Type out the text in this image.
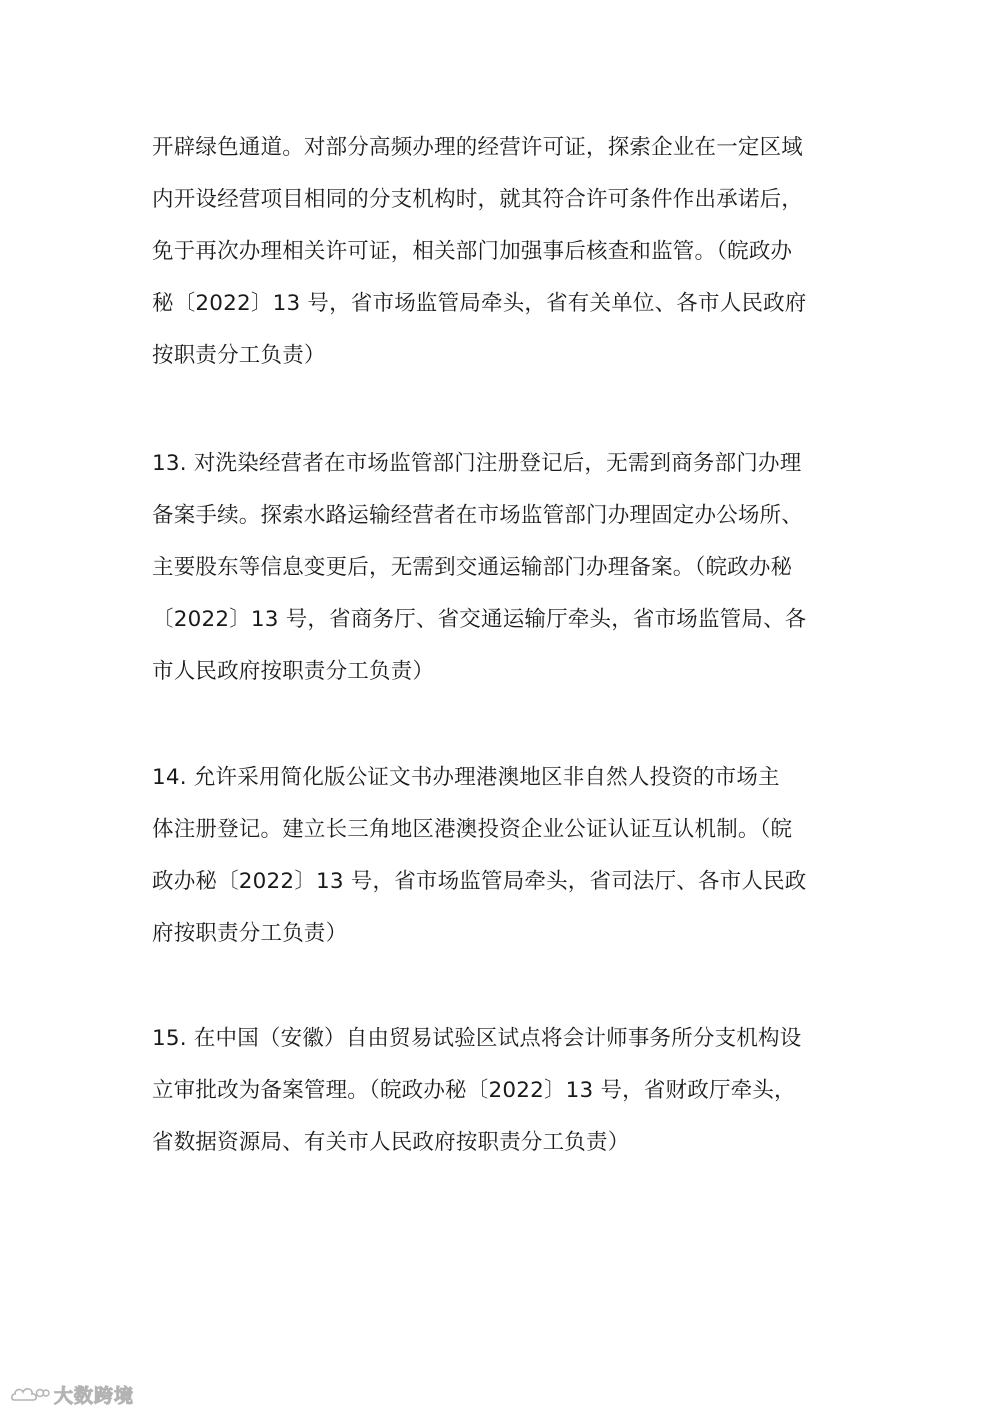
开辟绿色通道。对部分高频办理的经营许可证，探索企业在一定区域
内开设经营项目相同的分支机构时，就其符合许可条件作出承诺后，
免于再次办理相关许可证，相关部门加强事后核查和监管。（皖政办
秘〔2022〕13 号，省市场监管局牵头，省有关单位、各市人民政府
按职责分工负责）
13. 对洗染经营者在市场监管部门注册登记后，无需到商务部门办理
备案手续。探索水路运输经营者在市场监管部门办理固定办公场所、
主要股东等信息变更后，无需到交通运输部门办理备案。（皖政办秘
〔2022〕13 号，省商务厅、省交通运输厅牵头，省市场监管局、各
市人民政府按职责分工负责）
14. 允许采用简化版公证文书办理港澳地区非自然人投资的市场主
体注册登记。建立长三角地区港澳投资企业公证认证互认机制。（皖
政办秘〔2022〕13 号，省市场监管局牵头，省司法厅、各市人民政
府按职责分工负责）
15. 在中国（安徽）自由贸易试验区试点将会计师事务所分支机构设
立审批改为备案管理。（皖政办秘〔2022〕13 号，省财政厅牵头，
省数据资源局、有关市人民政府按职责分工负责）
大数跨境
